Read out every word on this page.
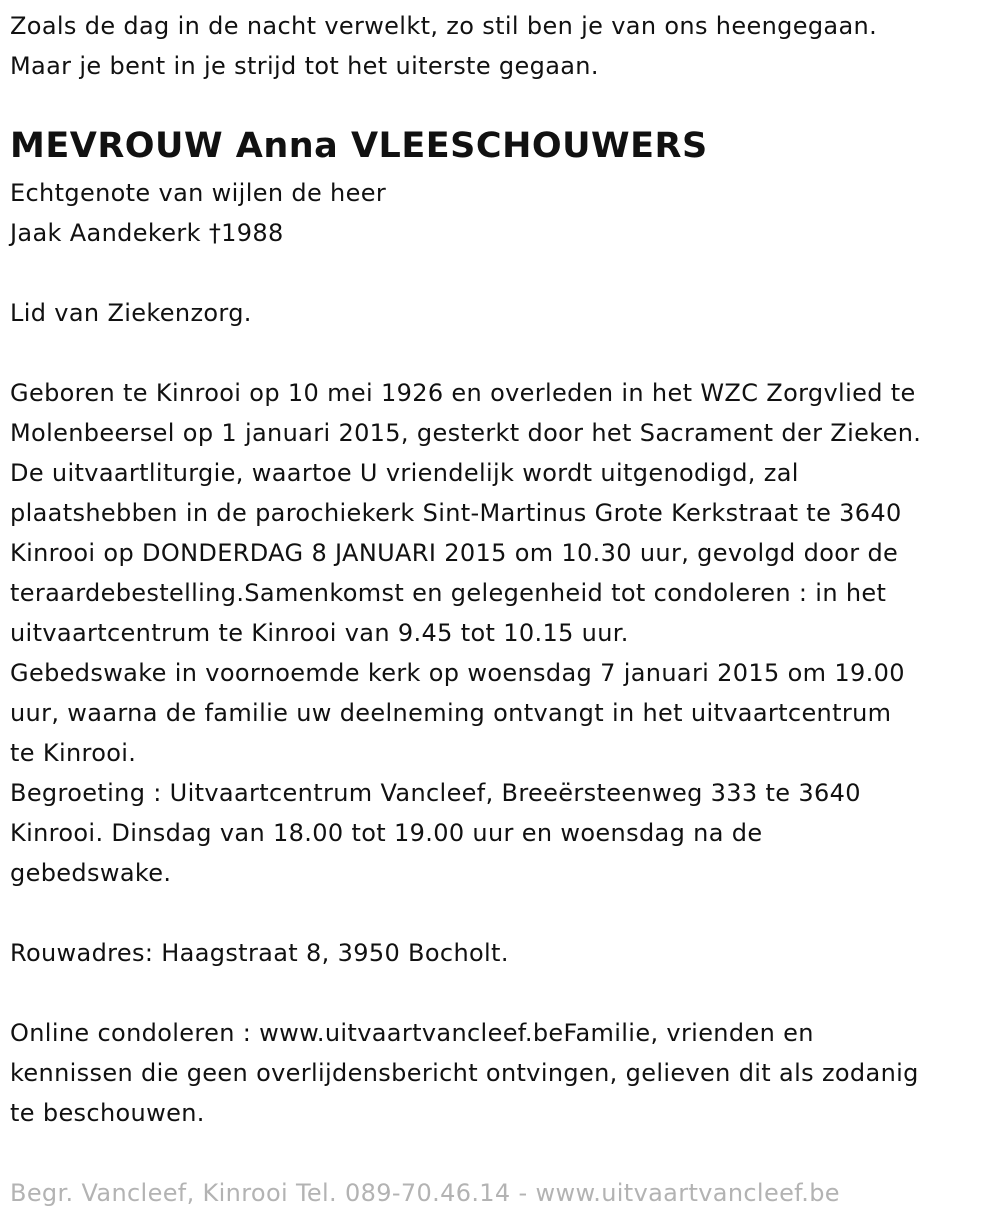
Zoals de dag in de nacht verwelkt, zo stil ben je van ons heengegaan.
Maar je bent in je strijd tot het uiterste gegaan.
MEVROUW Anna VLEESCHOUWERS
Echtgenote van wijlen de heer
Jaak Aandekerk †1988
Lid van Ziekenzorg.
Geboren te Kinrooi op 10 mei 1926 en overleden in het WZC Zorgvlied te
Molenbeersel op 1 januari 2015, gesterkt door het Sacrament der Zieken.
De uitvaartliturgie, waartoe U vriendelijk wordt uitgenodigd, zal
plaatshebben in de parochiekerk Sint-Martinus Grote Kerkstraat te 3640
Kinrooi op DONDERDAG 8 JANUARI 2015 om 10.30 uur, gevolgd door de
teraardebestelling.Samenkomst en gelegenheid tot condoleren : in het
uitvaartcentrum te Kinrooi van 9.45 tot 10.15 uur.
Gebedswake in voornoemde kerk op woensdag 7 januari 2015 om 19.00
uur, waarna de familie uw deelneming ontvangt in het uitvaartcentrum
te Kinrooi.
Begroeting : Uitvaartcentrum Vancleef, Breeërsteenweg 333 te 3640
Kinrooi. Dinsdag van 18.00 tot 19.00 uur en woensdag na de
gebedswake.
Rouwadres: Haagstraat 8, 3950 Bocholt.
Online condoleren : www.uitvaartvancleef.beFamilie, vrienden en
kennissen die geen overlijdensbericht ontvingen, gelieven dit als zodanig
te beschouwen.
Begr. Vancleef, Kinrooi Tel. 089-70.46.14 - www.uitvaartvancleef.be
